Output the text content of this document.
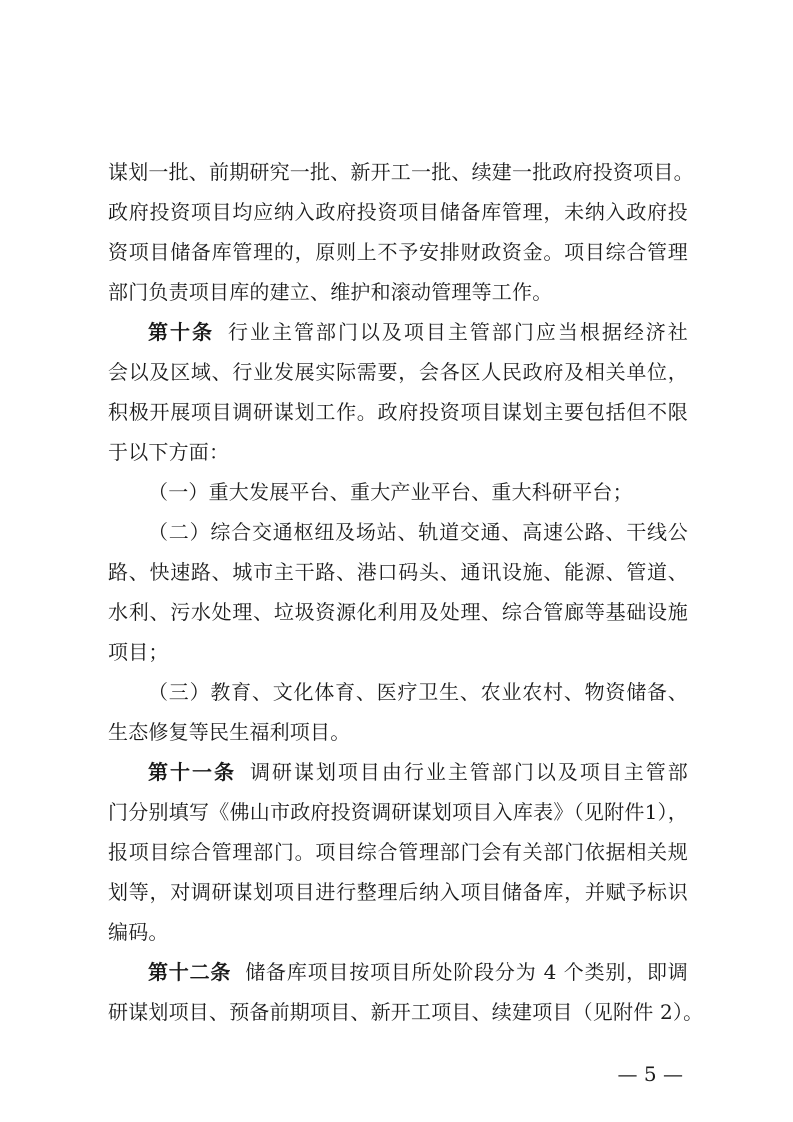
谋划一批、前期研究一批、新开工一批、续建一批政府投资项目。
政府投资项目均应纳入政府投资项目储备库管理，未纳入政府投
资项目储备库管理的，原则上不予安排财政资金。项目综合管理
部门负责项目库的建立、维护和滚动管理等工作。
第十条 行业主管部门以及项目主管部门应当根据经济社
会以及区域、行业发展实际需要，会各区人民政府及相关单位，
积极开展项目调研谋划工作。政府投资项目谋划主要包括但不限
于以下方面：
（一）重大发展平台、重大产业平台、重大科研平台；
（二）综合交通枢纽及场站、轨道交通、高速公路、干线公
路、快速路、城市主干路、港口码头、通讯设施、能源、管道、
水利、污水处理、垃圾资源化利用及处理、综合管廊等基础设施
项目；
（三）教育、文化体育、医疗卫生、农业农村、物资储备、
生态修复等民生福利项目。
第十一条 调研谋划项目由行业主管部门以及项目主管部
门分别填写《佛山市政府投资调研谋划项目入库表》（见附件1），
报项目综合管理部门。项目综合管理部门会有关部门依据相关规
划等，对调研谋划项目进行整理后纳入项目储备库，并赋予标识
编码。
第十二条 储备库项目按项目所处阶段分为 4 个类别，即调
研谋划项目、预备前期项目、新开工项目、续建项目（见附件 2）。
— 5 —
